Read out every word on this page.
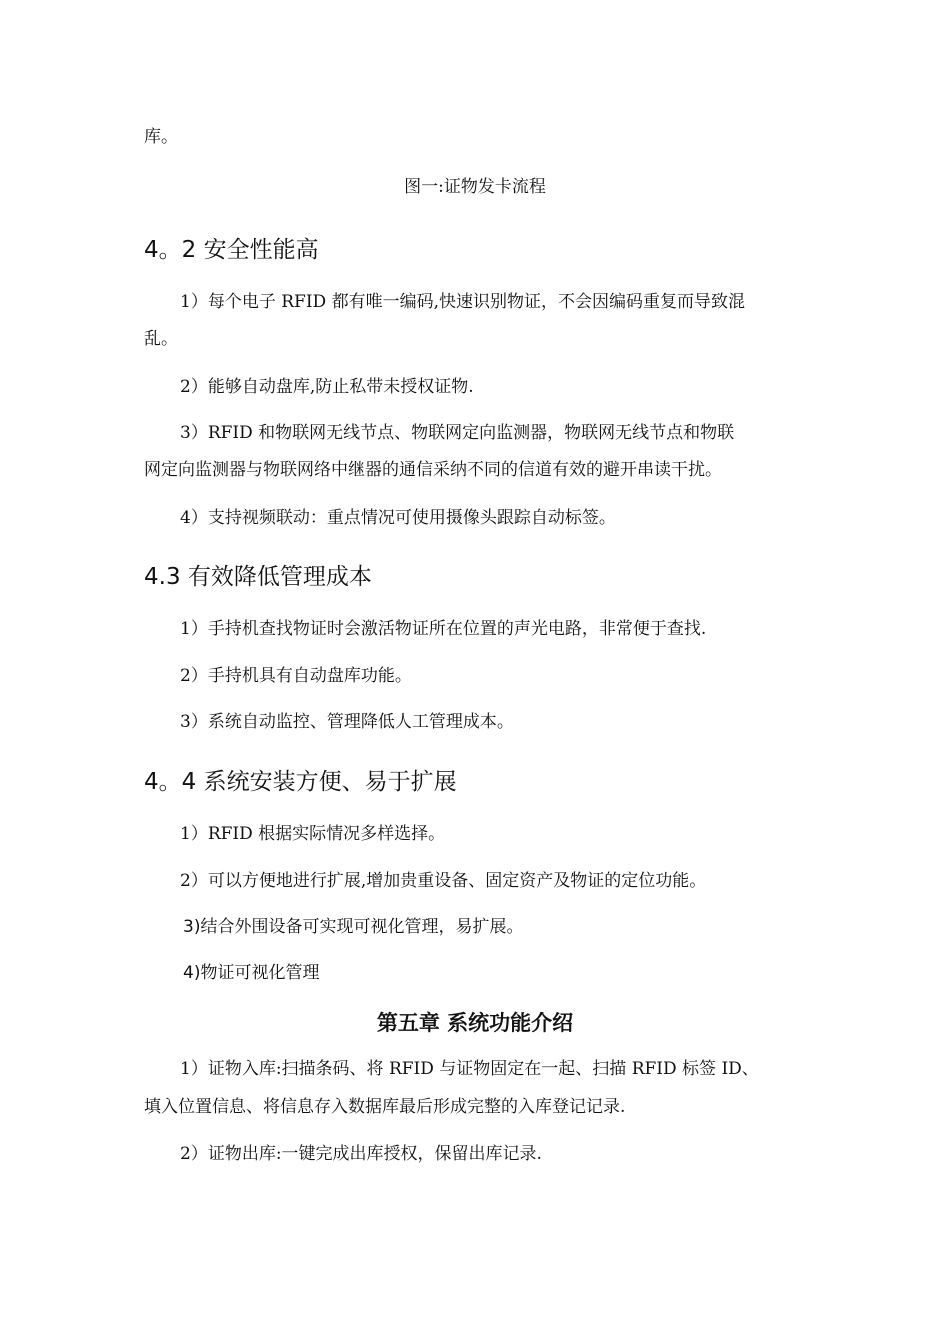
库。
图一:证物发卡流程
4。2 安全性能高
1）每个电子 RFID 都有唯一编码,快速识别物证，不会因编码重复而导致混
乱。
2）能够自动盘库,防止私带未授权证物.
3）RFID 和物联网无线节点、物联网定向监测器，物联网无线节点和物联
网定向监测器与物联网络中继器的通信采纳不同的信道有效的避开串读干扰。
4）支持视频联动：重点情况可使用摄像头跟踪自动标签。
4.3 有效降低管理成本
1）手持机查找物证时会激活物证所在位置的声光电路，非常便于查找.
2）手持机具有自动盘库功能。
3）系统自动监控、管理降低人工管理成本。
4。4 系统安装方便、易于扩展
1）RFID 根据实际情况多样选择。
2）可以方便地进行扩展,增加贵重设备、固定资产及物证的定位功能。
3)结合外围设备可实现可视化管理，易扩展。
4)物证可视化管理
第五章 系统功能介绍
1）证物入库:扫描条码、将 RFID 与证物固定在一起、扫描 RFID 标签 ID、
填入位置信息、将信息存入数据库最后形成完整的入库登记记录.
2）证物出库:一键完成出库授权，保留出库记录.
